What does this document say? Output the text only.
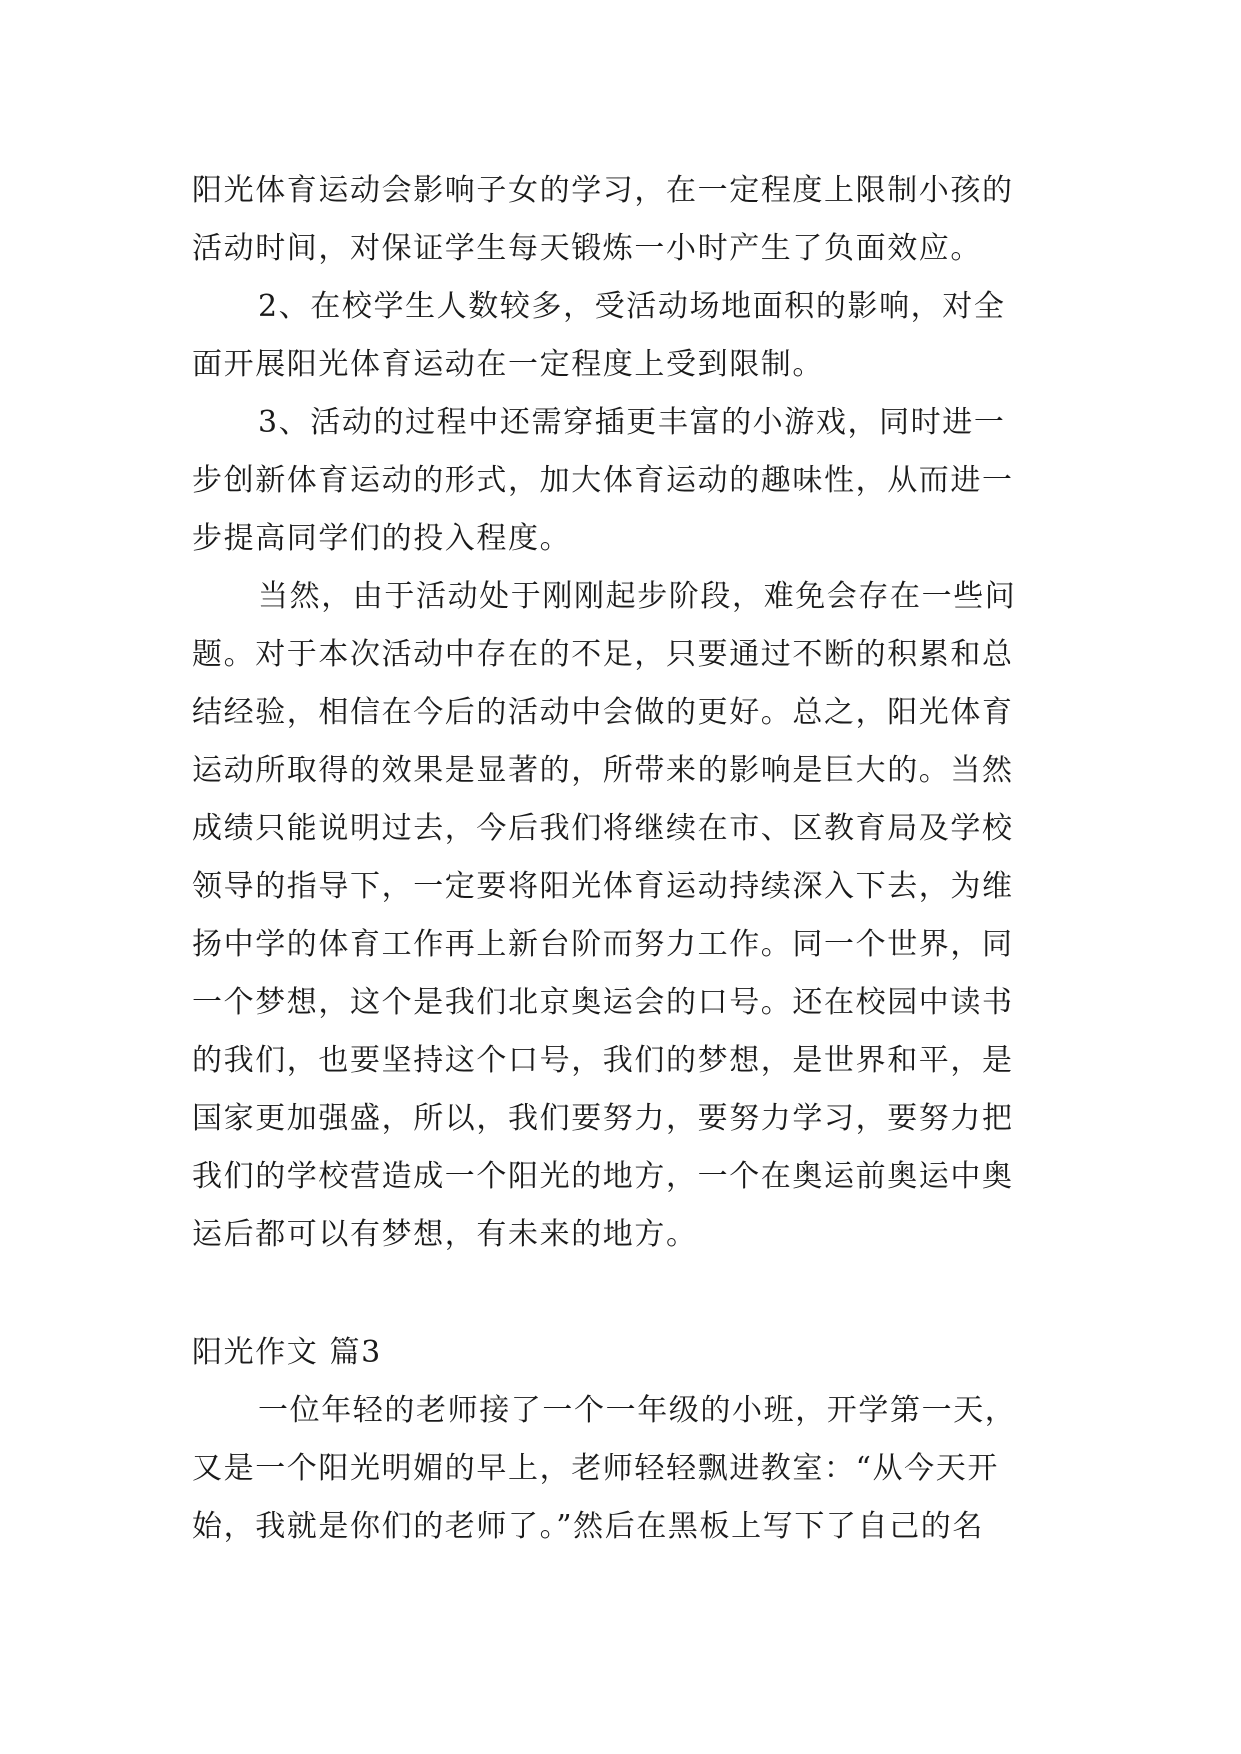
阳光体育运动会影响子女的学习，在一定程度上限制小孩的
活动时间，对保证学生每天锻炼一小时产生了负面效应。
2、在校学生人数较多，受活动场地面积的影响，对全
面开展阳光体育运动在一定程度上受到限制。
3、活动的过程中还需穿插更丰富的小游戏，同时进一
步创新体育运动的形式，加大体育运动的趣味性，从而进一
步提高同学们的投入程度。
当然，由于活动处于刚刚起步阶段，难免会存在一些问
题。对于本次活动中存在的不足，只要通过不断的积累和总
结经验，相信在今后的活动中会做的更好。总之，阳光体育
运动所取得的效果是显著的，所带来的影响是巨大的。当然
成绩只能说明过去，今后我们将继续在市、区教育局及学校
领导的指导下，一定要将阳光体育运动持续深入下去，为维
扬中学的体育工作再上新台阶而努力工作。同一个世界，同
一个梦想，这个是我们北京奥运会的口号。还在校园中读书
的我们，也要坚持这个口号，我们的梦想，是世界和平，是
国家更加强盛，所以，我们要努力，要努力学习，要努力把
我们的学校营造成一个阳光的地方，一个在奥运前奥运中奥
运后都可以有梦想，有未来的地方。
阳光作文 篇3
一位年轻的老师接了一个一年级的小班，开学第一天，
又是一个阳光明媚的早上，老师轻轻飘进教室：“从今天开
始，我就是你们的老师了。”然后在黑板上写下了自己的名
